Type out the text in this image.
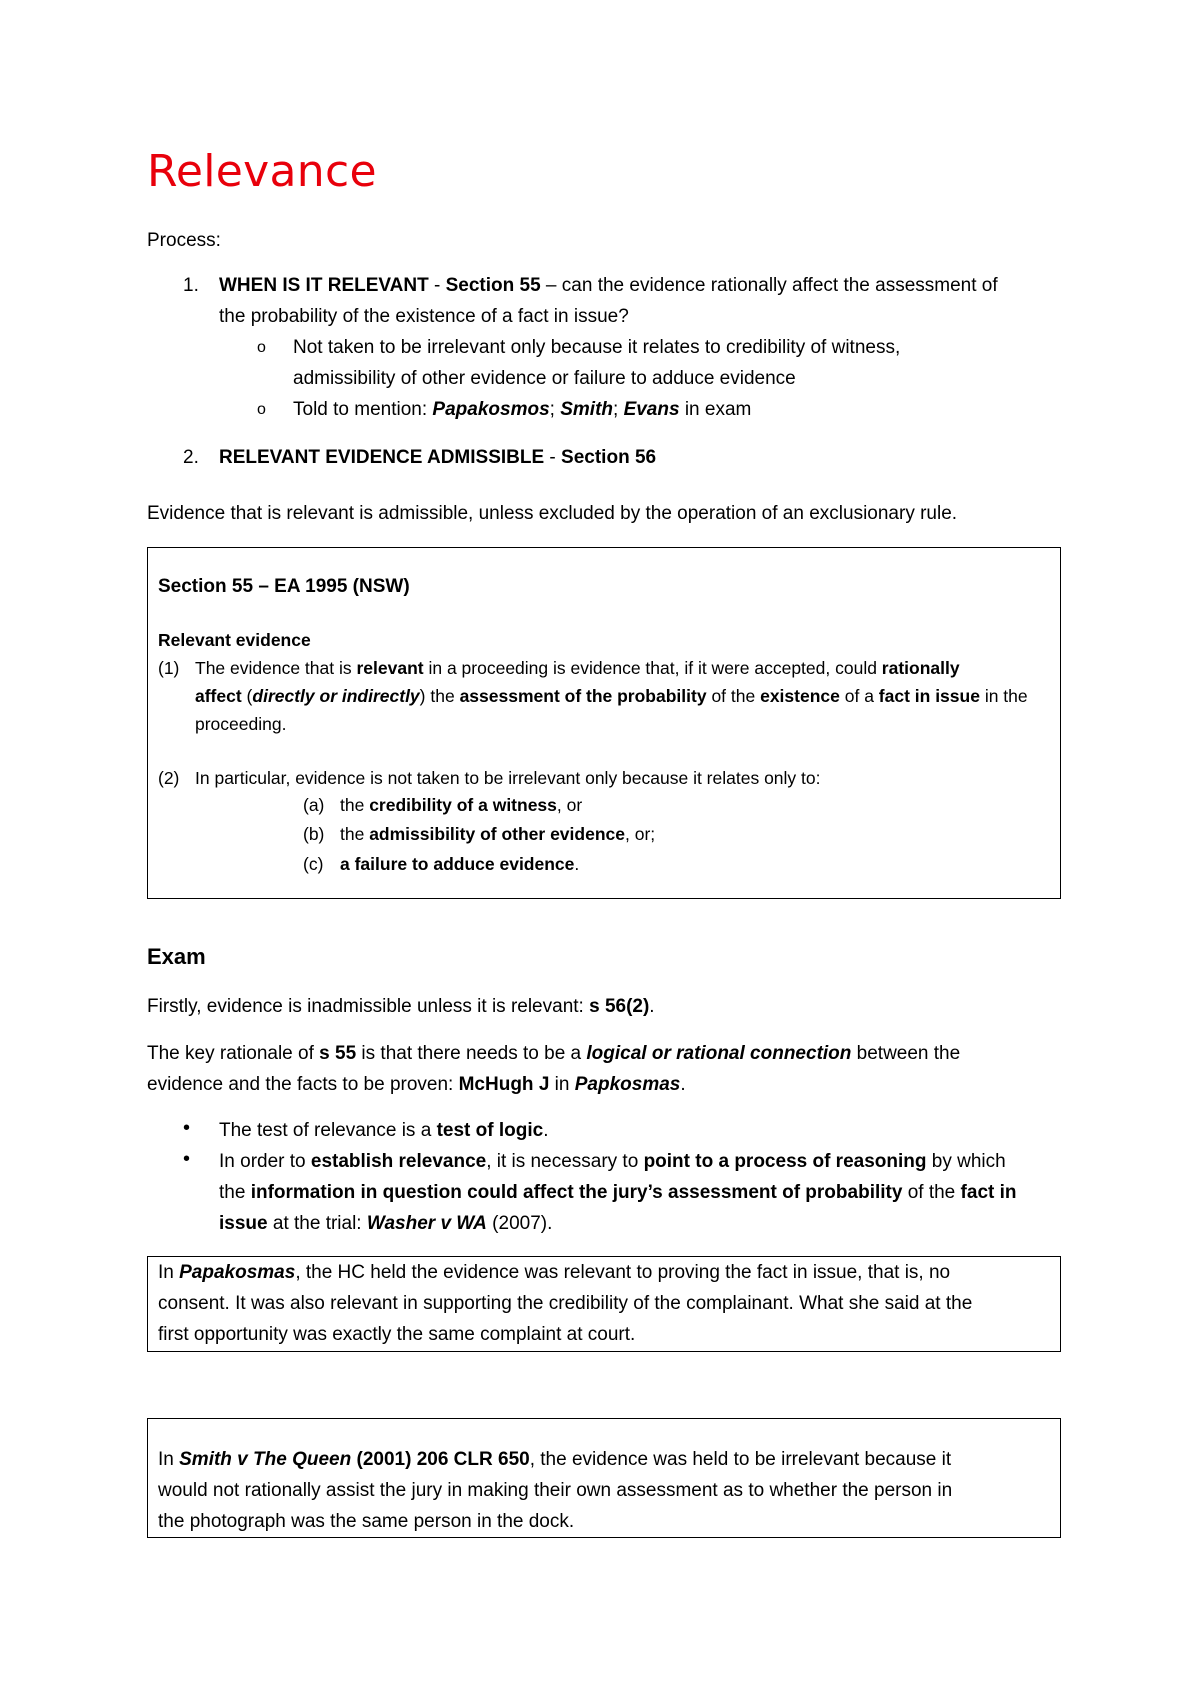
Relevance
Process:
1. WHEN IS IT RELEVANT - Section 55 – can the evidence rationally affect the assessment of
the probability of the existence of a fact in issue?
o Not taken to be irrelevant only because it relates to credibility of witness,
admissibility of other evidence or failure to adduce evidence
o Told to mention: Papakosmos; Smith; Evans in exam
2. RELEVANT EVIDENCE ADMISSIBLE - Section 56
Evidence that is relevant is admissible, unless excluded by the operation of an exclusionary rule.
Section 55 – EA 1995 (NSW)
Relevant evidence
(1) The evidence that is relevant in a proceeding is evidence that, if it were accepted, could rationally
affect (directly or indirectly) the assessment of the probability of the existence of a fact in issue in the
proceeding.
(2) In particular, evidence is not taken to be irrelevant only because it relates only to:
(a) the credibility of a witness, or
(b) the admissibility of other evidence, or;
(c) a failure to adduce evidence.
Exam
Firstly, evidence is inadmissible unless it is relevant: s 56(2).
The key rationale of s 55 is that there needs to be a logical or rational connection between the
evidence and the facts to be proven: McHugh J in Papkosmas.
• The test of relevance is a test of logic.
• In order to establish relevance, it is necessary to point to a process of reasoning by which
the information in question could affect the jury’s assessment of probability of the fact in
issue at the trial: Washer v WA (2007).
In Papakosmas, the HC held the evidence was relevant to proving the fact in issue, that is, no
consent. It was also relevant in supporting the credibility of the complainant. What she said at the
first opportunity was exactly the same complaint at court.
In Smith v The Queen (2001) 206 CLR 650, the evidence was held to be irrelevant because it
would not rationally assist the jury in making their own assessment as to whether the person in
the photograph was the same person in the dock.
